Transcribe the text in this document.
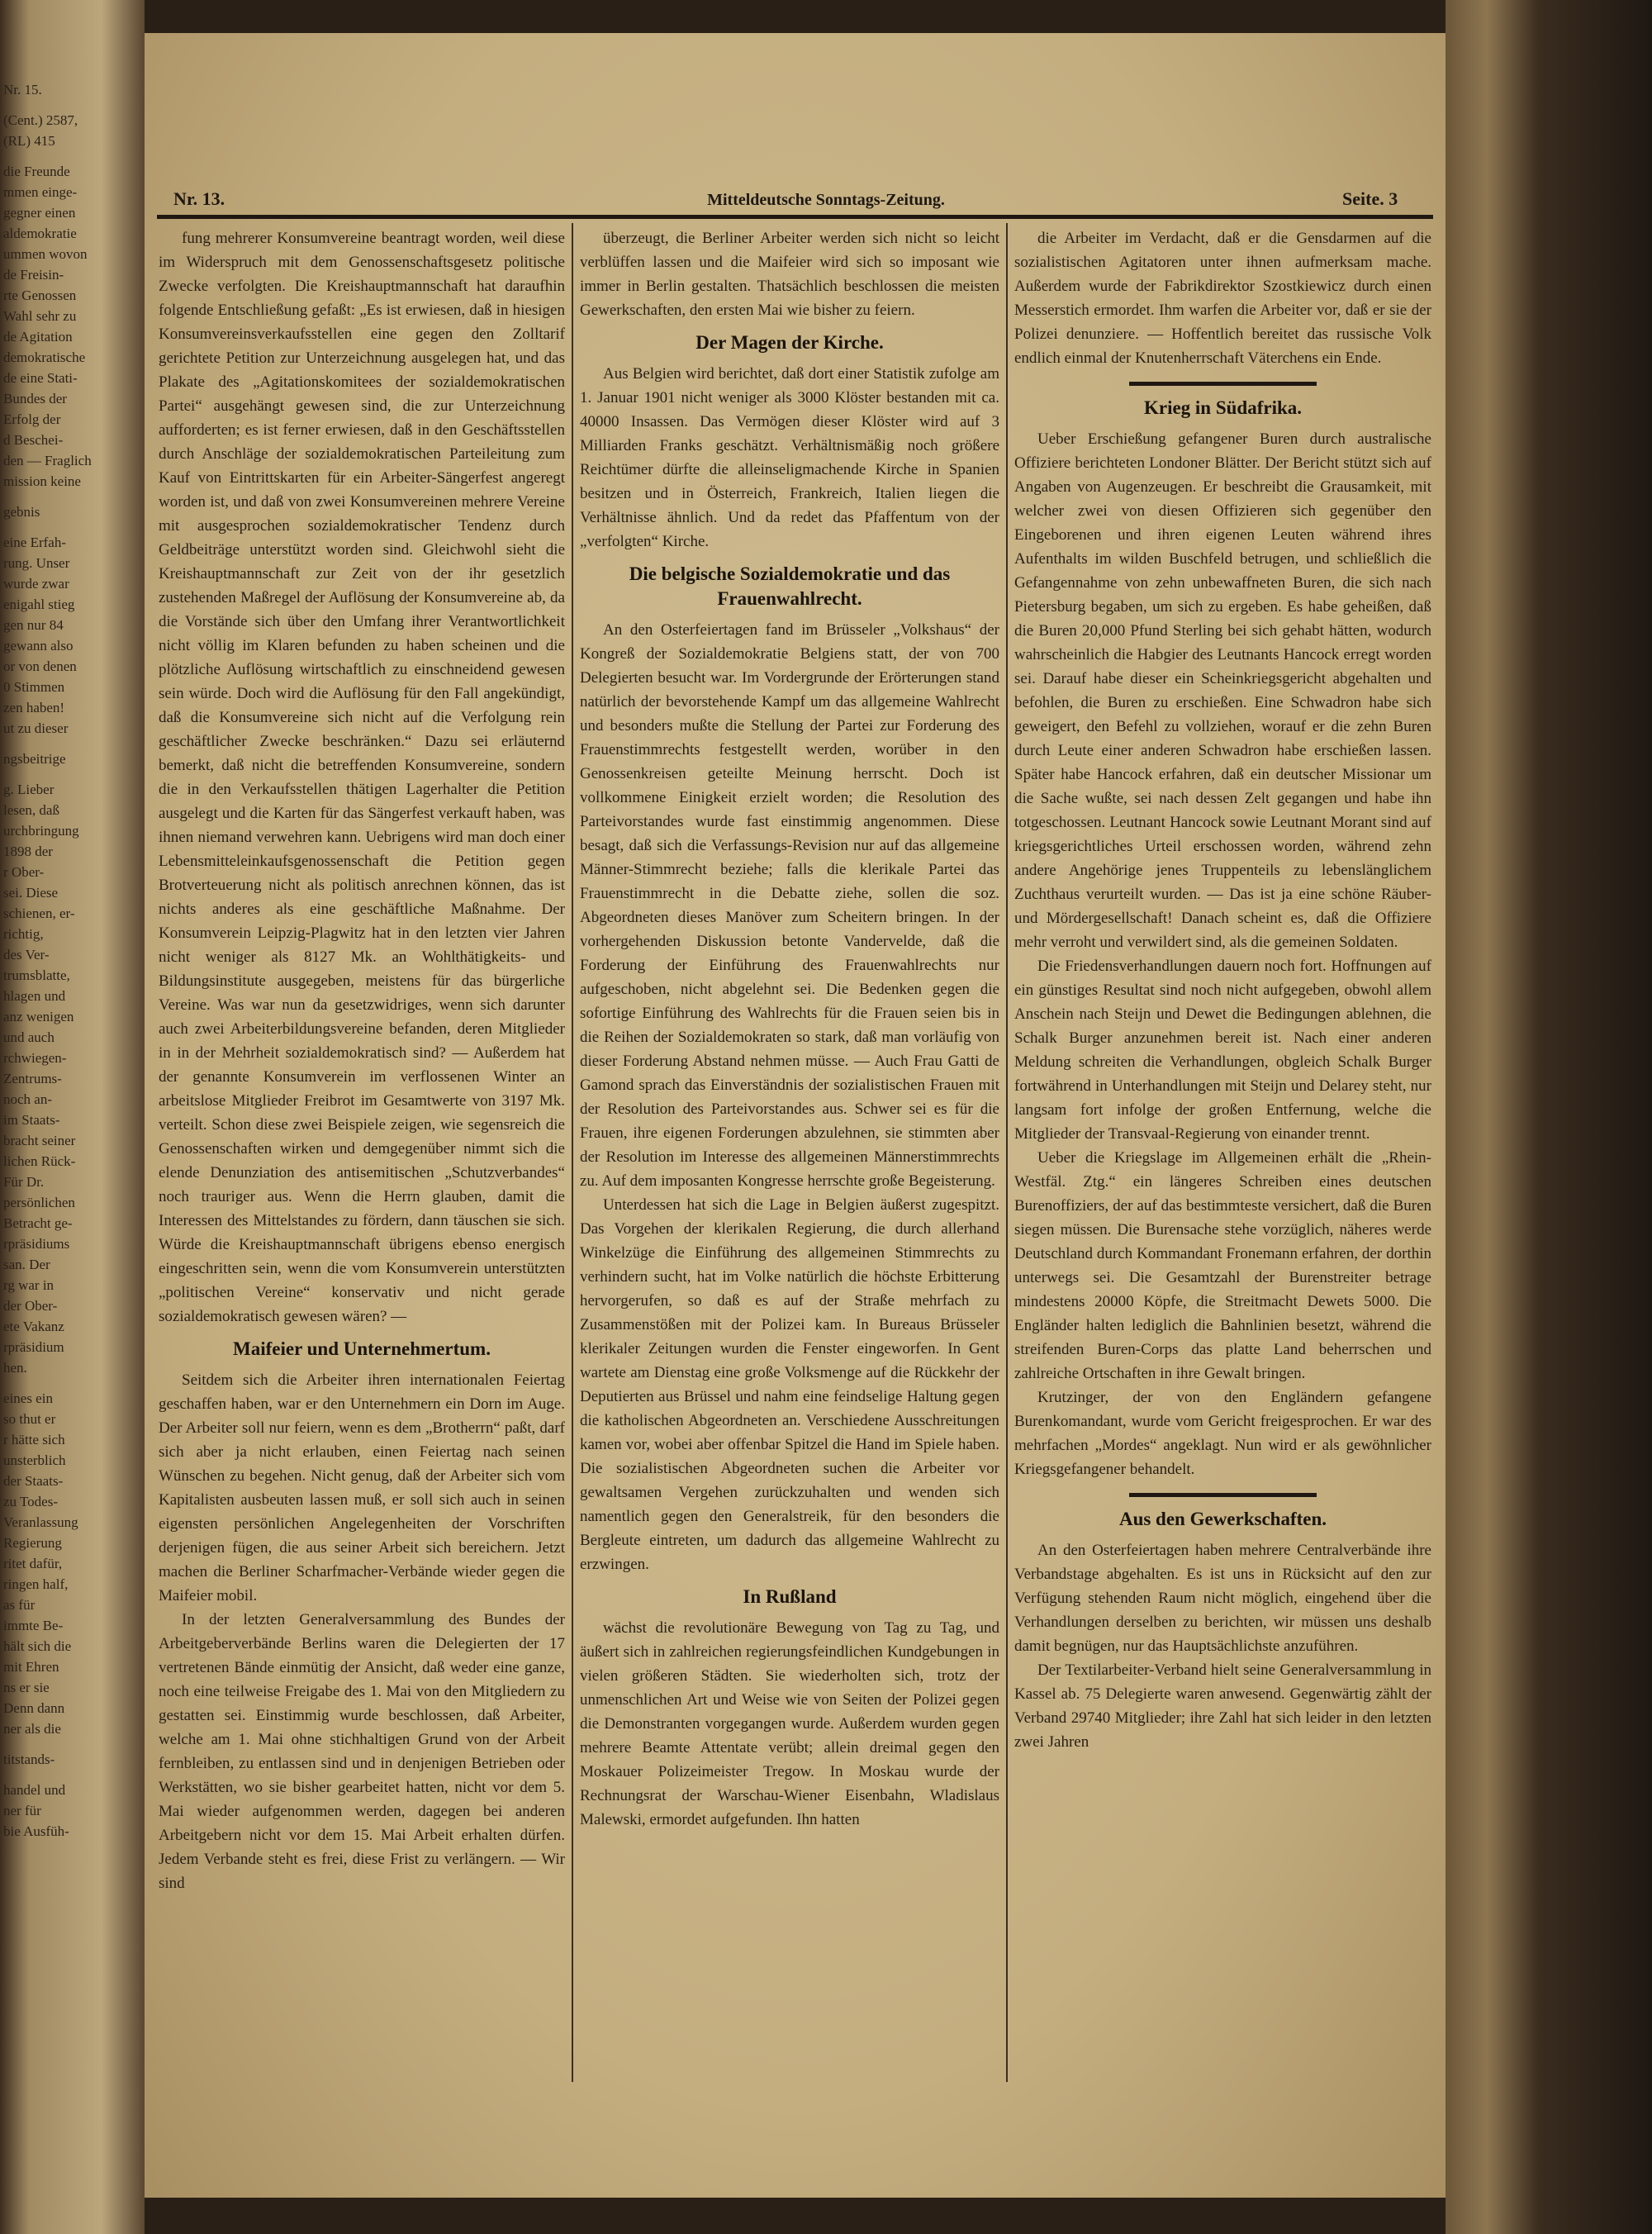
Nr. 15.
(Cent.) 2587,
(RL) 415
die Freunde
mmen einge-
gegner einen
aldemokratie
ummen wovon
de Freisin-
rte Genossen
Wahl sehr zu
de Agitation
demokratische
de eine Stati-
Bundes der
Erfolg der
d Beschei-
den — Fraglich
mission keine
gebnis
eine Erfah-
rung. Unser
wurde zwar
enigahl stieg
gen nur 84
gewann also
or von denen
0 Stimmen
zen haben!
ut zu dieser
ngsbeitrige
g. Lieber
lesen, daß
urchbringung
1898 der
r Ober-
sei. Diese
schienen, er-
richtig,
des Ver-
trumsblatte,
hlagen und
anz wenigen
und auch
rchwiegen-
Zentrums-
noch an-
im Staats-
bracht seiner
lichen Rück-
Für Dr.
persönlichen
Betracht ge-
rpräsidiums
san. Der
rg war in
der Ober-
ete Vakanz
rpräsidium
hen.
eines ein
so thut er
r hätte sich
unsterblich
der Staats-
zu Todes-
Veranlassung
Regierung
ritet dafür,
ringen half,
as für
immte Be-
hält sich die
mit Ehren
ns er sie
Denn dann
ner als die
titstands-
handel und
ner für
bie Ausfüh-
Nr. 13.	Mitteldeutsche Sonntags-Zeitung.	Seite. 3

fung mehrerer Konsumvereine beantragt worden, weil diese im Widerspruch mit dem Genossenschaftsgesetz politische Zwecke verfolgten. Die Kreishauptmannschaft hat daraufhin folgende Entschließung gefaßt: „Es ist erwiesen, daß in hiesigen Konsumvereinsverkaufsstellen eine gegen den Zolltarif gerichtete Petition zur Unterzeichnung ausgelegen hat, und das Plakate des „Agitationskomitees der sozialdemokratischen Partei“ ausgehängt gewesen sind, die zur Unterzeichnung aufforderten; es ist ferner erwiesen, daß in den Geschäftsstellen durch Anschläge der sozialdemokratischen Parteileitung zum Kauf von Eintrittskarten für ein Arbeiter-Sängerfest angeregt worden ist, und daß von zwei Konsumvereinen mehrere Vereine mit ausgesprochen sozialdemokratischer Tendenz durch Geldbeiträge unterstützt worden sind. Gleichwohl sieht die Kreishauptmannschaft zur Zeit von der ihr gesetzlich zustehenden Maßregel der Auflösung der Konsumvereine ab, da die Vorstände sich über den Umfang ihrer Verantwortlichkeit nicht völlig im Klaren befunden zu haben scheinen und die plötzliche Auflösung wirtschaftlich zu einschneidend gewesen sein würde. Doch wird die Auflösung für den Fall angekündigt, daß die Konsumvereine sich nicht auf die Verfolgung rein geschäftlicher Zwecke beschränken.“ Dazu sei erläuternd bemerkt, daß nicht die betreffenden Konsumvereine, sondern die in den Verkaufsstellen thätigen Lagerhalter die Petition ausgelegt und die Karten für das Sängerfest verkauft haben, was ihnen niemand verwehren kann. Uebrigens wird man doch einer Lebensmitteleinkaufsgenossenschaft die Petition gegen Brotverteuerung nicht als politisch anrechnen können, das ist nichts anderes als eine geschäftliche Maßnahme. Der Konsumverein Leipzig-Plagwitz hat in den letzten vier Jahren nicht weniger als 8127 Mk. an Wohlthätigkeits- und Bildungsinstitute ausgegeben, meistens für das bürgerliche Vereine. Was war nun da gesetzwidriges, wenn sich darunter auch zwei Arbeiterbildungsvereine befanden, deren Mitglieder in in der Mehrheit sozialdemokratisch sind? — Außerdem hat der genannte Konsumverein im verflossenen Winter an arbeitslose Mitglieder Freibrot im Gesamtwerte von 3197 Mk. verteilt. Schon diese zwei Beispiele zeigen, wie segensreich die Genossenschaften wirken und demgegenüber nimmt sich die elende Denunziation des antisemitischen „Schutzverbandes“ noch trauriger aus. Wenn die Herrn glauben, damit die Interessen des Mittelstandes zu fördern, dann täuschen sie sich. Würde die Kreishauptmannschaft übrigens ebenso energisch eingeschritten sein, wenn die vom Konsumverein unterstützten „politischen Vereine“ konservativ und nicht gerade sozialdemokratisch gewesen wären? —

Maifeier und Unternehmertum.

Seitdem sich die Arbeiter ihren internationalen Feiertag geschaffen haben, war er den Unternehmern ein Dorn im Auge. Der Arbeiter soll nur feiern, wenn es dem „Brotherrn“ paßt, darf sich aber ja nicht erlauben, einen Feiertag nach seinen Wünschen zu begehen. Nicht genug, daß der Arbeiter sich vom Kapitalisten ausbeuten lassen muß, er soll sich auch in seinen eigensten persönlichen Angelegenheiten der Vorschriften derjenigen fügen, die aus seiner Arbeit sich bereichern. Jetzt machen die Berliner Scharfmacher-Verbände wieder gegen die Maifeier mobil.

In der letzten Generalversammlung des Bundes der Arbeitgeberverbände Berlins waren die Delegierten der 17 vertretenen Bände einmütig der Ansicht, daß weder eine ganze, noch eine teilweise Freigabe des 1. Mai von den Mitgliedern zu gestatten sei. Einstimmig wurde beschlossen, daß Arbeiter, welche am 1. Mai ohne stichhaltigen Grund von der Arbeit fernbleiben, zu entlassen sind und in denjenigen Betrieben oder Werkstätten, wo sie bisher gearbeitet hatten, nicht vor dem 5. Mai wieder aufgenommen werden, dagegen bei anderen Arbeitgebern nicht vor dem 15. Mai Arbeit erhalten dürfen. Jedem Verbande steht es frei, diese Frist zu verlängern. — Wir sind

überzeugt, die Berliner Arbeiter werden sich nicht so leicht verblüffen lassen und die Maifeier wird sich so imposant wie immer in Berlin gestalten. Thatsächlich beschlossen die meisten Gewerkschaften, den ersten Mai wie bisher zu feiern.

Der Magen der Kirche.

Aus Belgien wird berichtet, daß dort einer Statistik zufolge am 1. Januar 1901 nicht weniger als 3000 Klöster bestanden mit ca. 40000 Insassen. Das Vermögen dieser Klöster wird auf 3 Milliarden Franks geschätzt. Verhältnismäßig noch größere Reichtümer dürfte die alleinseligmachende Kirche in Spanien besitzen und in Österreich, Frankreich, Italien liegen die Verhältnisse ähnlich. Und da redet das Pfaffentum von der „verfolgten“ Kirche.

Die belgische Sozialdemokratie und das Frauenwahlrecht.

An den Osterfeiertagen fand im Brüsseler „Volkshaus“ der Kongreß der Sozialdemokratie Belgiens statt, der von 700 Delegierten besucht war. Im Vordergrunde der Erörterungen stand natürlich der bevorstehende Kampf um das allgemeine Wahlrecht und besonders mußte die Stellung der Partei zur Forderung des Frauenstimmrechts festgestellt werden, worüber in den Genossenkreisen geteilte Meinung herrscht. Doch ist vollkommene Einigkeit erzielt worden; die Resolution des Parteivorstandes wurde fast einstimmig angenommen. Diese besagt, daß sich die Verfassungs-Revision nur auf das allgemeine Männer-Stimmrecht beziehe; falls die klerikale Partei das Frauenstimmrecht in die Debatte ziehe, sollen die soz. Abgeordneten dieses Manöver zum Scheitern bringen. In der vorhergehenden Diskussion betonte Vandervelde, daß die Forderung der Einführung des Frauenwahlrechts nur aufgeschoben, nicht abgelehnt sei. Die Bedenken gegen die sofortige Einführung des Wahlrechts für die Frauen seien bis in die Reihen der Sozialdemokraten so stark, daß man vorläufig von dieser Forderung Abstand nehmen müsse. — Auch Frau Gatti de Gamond sprach das Einverständnis der sozialistischen Frauen mit der Resolution des Parteivorstandes aus. Schwer sei es für die Frauen, ihre eigenen Forderungen abzulehnen, sie stimmten aber der Resolution im Interesse des allgemeinen Männerstimmrechts zu. Auf dem imposanten Kongresse herrschte große Begeisterung.

Unterdessen hat sich die Lage in Belgien äußerst zugespitzt. Das Vorgehen der klerikalen Regierung, die durch allerhand Winkelzüge die Einführung des allgemeinen Stimmrechts zu verhindern sucht, hat im Volke natürlich die höchste Erbitterung hervorgerufen, so daß es auf der Straße mehrfach zu Zusammenstößen mit der Polizei kam. In Bureaus Brüsseler klerikaler Zeitungen wurden die Fenster eingeworfen. In Gent wartete am Dienstag eine große Volksmenge auf die Rückkehr der Deputierten aus Brüssel und nahm eine feindselige Haltung gegen die katholischen Abgeordneten an. Verschiedene Ausschreitungen kamen vor, wobei aber offenbar Spitzel die Hand im Spiele haben. Die sozialistischen Abgeordneten suchen die Arbeiter vor gewaltsamen Vergehen zurückzuhalten und wenden sich namentlich gegen den Generalstreik, für den besonders die Bergleute eintreten, um dadurch das allgemeine Wahlrecht zu erzwingen.

In Rußland

wächst die revolutionäre Bewegung von Tag zu Tag, und äußert sich in zahlreichen regierungsfeindlichen Kundgebungen in vielen größeren Städten. Sie wiederholten sich, trotz der unmenschlichen Art und Weise wie von Seiten der Polizei gegen die Demonstranten vorgegangen wurde. Außerdem wurden gegen mehrere Beamte Attentate verübt; allein dreimal gegen den Moskauer Polizeimeister Tregow. In Moskau wurde der Rechnungsrat der Warschau-Wiener Eisenbahn, Wladislaus Malewski, ermordet aufgefunden. Ihn hatten

die Arbeiter im Verdacht, daß er die Gensdarmen auf die sozialistischen Agitatoren unter ihnen aufmerksam mache. Außerdem wurde der Fabrikdirektor Szostkiewicz durch einen Messerstich ermordet. Ihm warfen die Arbeiter vor, daß er sie der Polizei denunziere. — Hoffentlich bereitet das russische Volk endlich einmal der Knutenherrschaft Väterchens ein Ende.

Krieg in Südafrika.

Ueber Erschießung gefangener Buren durch australische Offiziere berichteten Londoner Blätter. Der Bericht stützt sich auf Angaben von Augenzeugen. Er beschreibt die Grausamkeit, mit welcher zwei von diesen Offizieren sich gegenüber den Eingeborenen und ihren eigenen Leuten während ihres Aufenthalts im wilden Buschfeld betrugen, und schließlich die Gefangennahme von zehn unbewaffneten Buren, die sich nach Pietersburg begaben, um sich zu ergeben. Es habe geheißen, daß die Buren 20,000 Pfund Sterling bei sich gehabt hätten, wodurch wahrscheinlich die Habgier des Leutnants Hancock erregt worden sei. Darauf habe dieser ein Scheinkriegsgericht abgehalten und befohlen, die Buren zu erschießen. Eine Schwadron habe sich geweigert, den Befehl zu vollziehen, worauf er die zehn Buren durch Leute einer anderen Schwadron habe erschießen lassen. Später habe Hancock erfahren, daß ein deutscher Missionar um die Sache wußte, sei nach dessen Zelt gegangen und habe ihn totgeschossen. Leutnant Hancock sowie Leutnant Morant sind auf kriegsgerichtliches Urteil erschossen worden, während zehn andere Angehörige jenes Truppenteils zu lebenslänglichem Zuchthaus verurteilt wurden. — Das ist ja eine schöne Räuber- und Mördergesellschaft! Danach scheint es, daß die Offiziere mehr verroht und verwildert sind, als die gemeinen Soldaten.

Die Friedensverhandlungen dauern noch fort. Hoffnungen auf ein günstiges Resultat sind noch nicht aufgegeben, obwohl allem Anschein nach Steijn und Dewet die Bedingungen ablehnen, die Schalk Burger anzunehmen bereit ist. Nach einer anderen Meldung schreiten die Verhandlungen, obgleich Schalk Burger fortwährend in Unterhandlungen mit Steijn und Delarey steht, nur langsam fort infolge der großen Entfernung, welche die Mitglieder der Transvaal-Regierung von einander trennt.

Ueber die Kriegslage im Allgemeinen erhält die „Rhein-Westfäl. Ztg.“ ein längeres Schreiben eines deutschen Burenoffiziers, der auf das bestimmteste versichert, daß die Buren siegen müssen. Die Burensache stehe vorzüglich, näheres werde Deutschland durch Kommandant Fronemann erfahren, der dorthin unterwegs sei. Die Gesamtzahl der Burenstreiter betrage mindestens 20000 Köpfe, die Streitmacht Dewets 5000. Die Engländer halten lediglich die Bahnlinien besetzt, während die streifenden Buren-Corps das platte Land beherrschen und zahlreiche Ortschaften in ihre Gewalt bringen.

Krutzinger, der von den Engländern gefangene Burenkomandant, wurde vom Gericht freigesprochen. Er war des mehrfachen „Mordes“ angeklagt. Nun wird er als gewöhnlicher Kriegsgefangener behandelt.

Aus den Gewerkschaften.

An den Osterfeiertagen haben mehrere Centralverbände ihre Verbandstage abgehalten. Es ist uns in Rücksicht auf den zur Verfügung stehenden Raum nicht möglich, eingehend über die Verhandlungen derselben zu berichten, wir müssen uns deshalb damit begnügen, nur das Hauptsächlichste anzuführen.

Der Textilarbeiter-Verband hielt seine Generalversammlung in Kassel ab. 75 Delegierte waren anwesend. Gegenwärtig zählt der Verband 29740 Mitglieder; ihre Zahl hat sich leider in den letzten zwei Jahren
